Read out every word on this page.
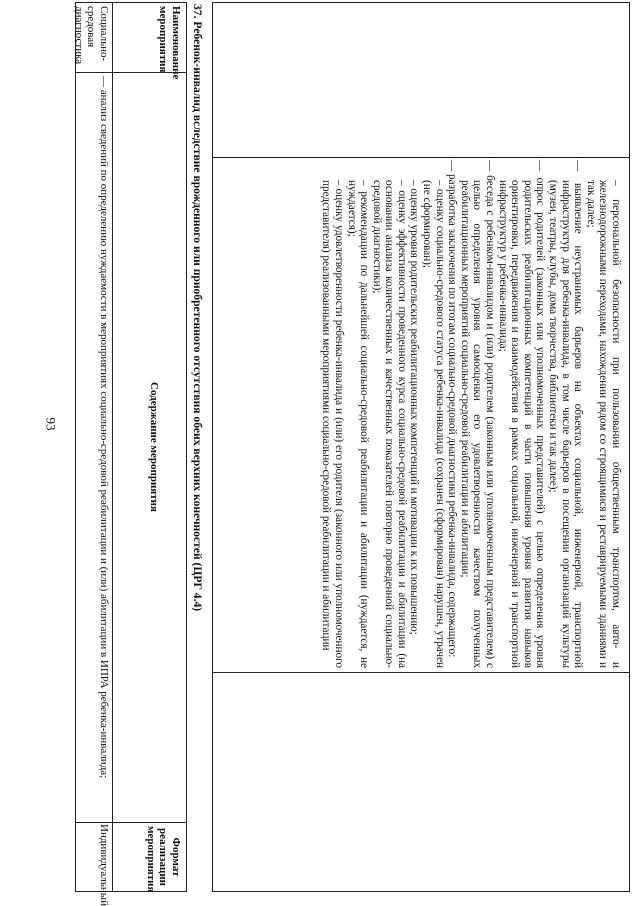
93	– персональной безопасности при пользовании общественным транспортом, авто- и железнодорожными переходами, нахождении рядом со строящимися и реставрируемыми зданиями и так далее;

— выявление неустранимых барьеров на объектах социальной, инженерной, транспортной инфраструктур для ребенка-инвалида, в том числе барьеров в посещении организаций культуры (музеи, театры, клубы, дома творчества, библиотеки и так далее);

— опрос родителей (законных или уполномоченных представителей) с целью определения уровня родительских реабилитационных компетенций в части повышения уровня развития навыков ориентировки, передвижения и взаимодействия в рамках социальной, инженерной и транспортной инфраструктур у ребенка-инвалида;

— беседа с ребенком-инвалидом и (или) родителем (законным или уполномоченным представителем) с целью определения уровня самооценки его удовлетворенности качеством полученных реабилитационных мероприятий социально-средовой реабилитации и абилитации;

— разработка заключения по итогам социально-средовой диагностики ребенка-инвалида, содержащего:

– оценку социально-средового статуса ребенка-инвалида (сохранен (сформирован) нарушен, утрачен (не сформирован);

– оценку уровня родительских реабилитационных компетенций и мотивации к их повышению;

– оценку эффективности проведенного курса социально-средовой реабилитации и абилитации (на основании анализа количественных и качественных показателей повторно проведенной социально-средовой диагностики);

– рекомендации по дальнейшей социально-средовой реабилитации и абилитации (нуждается, не нуждается);

– оценку удовлетворенности ребенка-инвалида и (или) его родителя (законного или уполномоченного представителя) реализованными мероприятиями социально-средовой реабилитации и абилитации

37. Ребенок-инвалид вследствие врожденного или приобретенного отсутствия обеих верхних конечностей (ЦРГ 4.4)
Наименование мероприятия
Содержание мероприятия
Формат реализации мероприятия
Социально-средовая диагностика
— анализ сведений по определению нуждаемости в мероприятиях социально-средовой реабилитации и (или) абилитации в ИПРА ребенка-инвалида;
Индивидуальный
